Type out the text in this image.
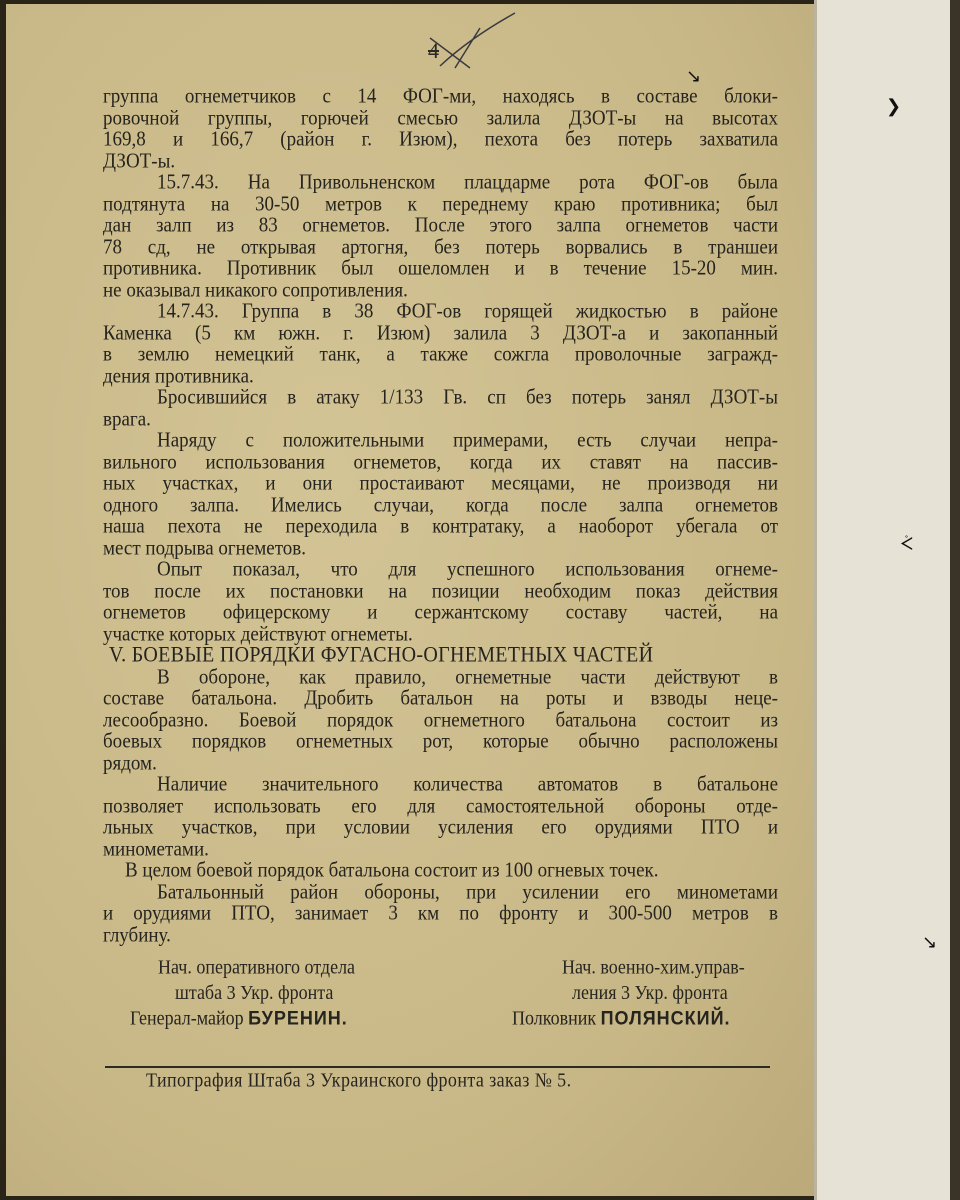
4
↘
❯
ᢵ
↘
группа огнеметчиков с 14 ФОГ-ми, находясь в составе блоки-
ровочной группы, горючей смесью залила ДЗОТ-ы на высотах
169,8 и 166,7 (район г. Изюм), пехота без потерь захватила
ДЗОТ-ы.
15.7.43. На Привольненском плацдарме рота ФОГ-ов была
подтянута на 30-50 метров к переднему краю противника; был
дан залп из 83 огнеметов. После этого залпа огнеметов части
78 сд, не открывая артогня, без потерь ворвались в траншеи
противника. Противник был ошеломлен и в течение 15-20 мин.
не оказывал никакого сопротивления.
14.7.43. Группа в 38 ФОГ-ов горящей жидкостью в районе
Каменка (5 км южн. г. Изюм) залила 3 ДЗОТ-а и закопанный
в землю немецкий танк, а также сожгла проволочные загражд-
дения противника.
Бросившийся в атаку 1/133 Гв. сп без потерь занял ДЗОТ-ы
врага.
Наряду с положительными примерами, есть случаи непра-
вильного использования огнеметов, когда их ставят на пассив-
ных участках, и они простаивают месяцами, не производя ни
одного залпа. Имелись случаи, когда после залпа огнеметов
наша пехота не переходила в контратаку, а наоборот убегала от
мест подрыва огнеметов.
Опыт показал, что для успешного использования огнеме-
тов после их постановки на позиции необходим показ действия
огнеметов офицерскому и сержантскому составу частей, на
участке которых действуют огнеметы.
V. БОЕВЫЕ ПОРЯДКИ ФУГАСНО-ОГНЕМЕТНЫХ ЧАСТЕЙ
В обороне, как правило, огнеметные части действуют в
составе батальона. Дробить батальон на роты и взводы неце-
лесообразно. Боевой порядок огнеметного батальона состоит из
боевых порядков огнеметных рот, которые обычно расположены
рядом.
Наличие значительного количества автоматов в батальоне
позволяет использовать его для самостоятельной обороны отде-
льных участков, при условии усиления его орудиями ПТО и
минометами.
В целом боевой порядок батальона состоит из 100 огневых точек.
Батальонный район обороны, при усилении его минометами
и орудиями ПТО, занимает 3 км по фронту и 300-500 метров в
глубину.
Нач. оперативного отдела
штаба 3 Укр. фронта
Генерал-майор БУРЕНИН.
Нач. военно-хим.управ-
ления 3 Укр. фронта
Полковник ПОЛЯНСКИЙ.
Типография Штаба 3 Украинского фронта заказ № 5.
